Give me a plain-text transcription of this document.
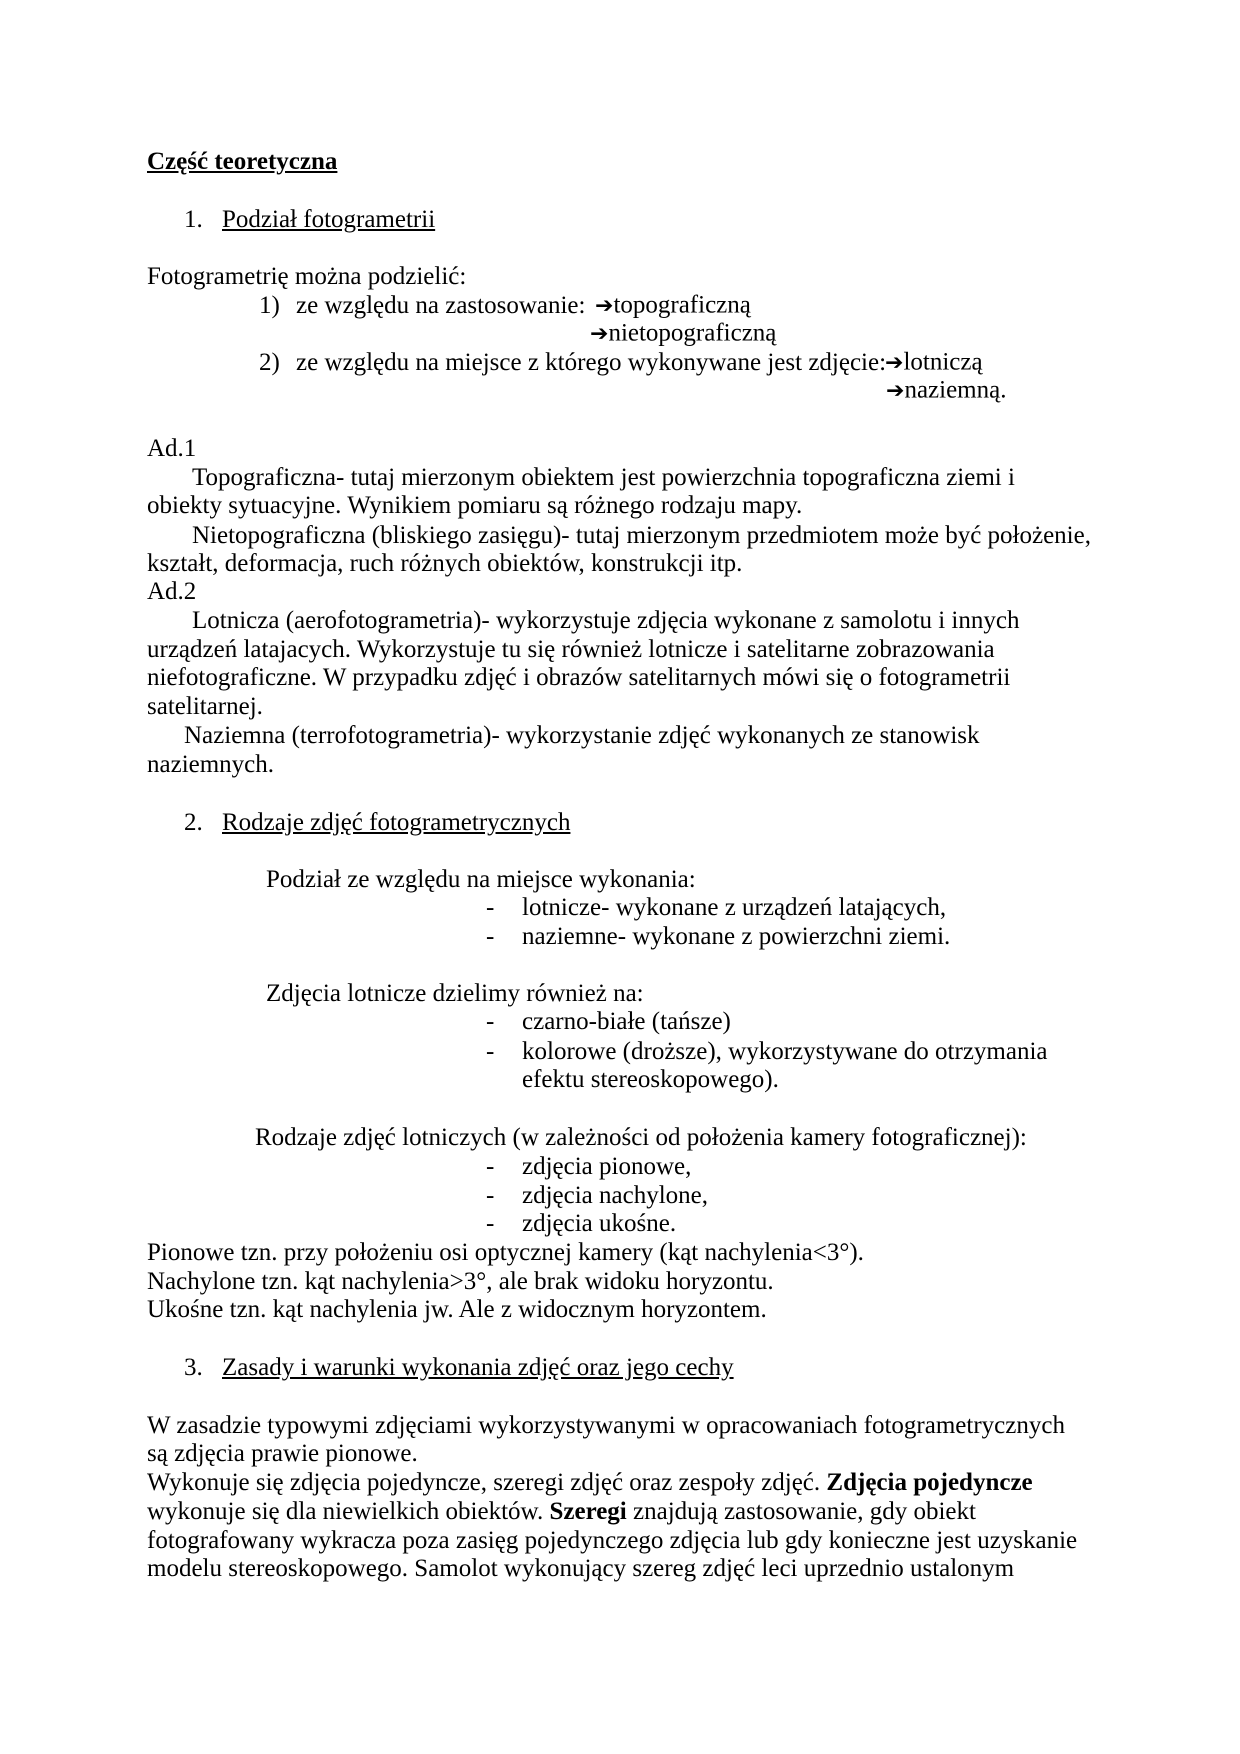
Część teoretyczna
1. Podział fotogrametrii
Fotogrametrię można podzielić:
1) ze względu na zastosowanie: ➔topograficzną
➔nietopograficzną
2) ze względu na miejsce z którego wykonywane jest zdjęcie:
➔lotniczą
➔naziemną.
Ad.1
Topograficzna- tutaj mierzonym obiektem jest powierzchnia topograficzna ziemi i
obiekty sytuacyjne. Wynikiem pomiaru są różnego rodzaju mapy.
Nietopograficzna (bliskiego zasięgu)- tutaj mierzonym przedmiotem może być położenie,
kształt, deformacja, ruch różnych obiektów, konstrukcji itp.
Ad.2
Lotnicza (aerofotogrametria)- wykorzystuje zdjęcia wykonane z samolotu i innych
urządzeń latajacych. Wykorzystuje tu się również lotnicze i satelitarne zobrazowania
niefotograficzne. W przypadku zdjęć i obrazów satelitarnych mówi się o fotogrametrii
satelitarnej.
Naziemna (terrofotogrametria)- wykorzystanie zdjęć wykonanych ze stanowisk
naziemnych.
2. Rodzaje zdjęć fotogrametrycznych
Podział ze względu na miejsce wykonania:
- lotnicze- wykonane z urządzeń latających,
- naziemne- wykonane z powierzchni ziemi.
Zdjęcia lotnicze dzielimy również na:
- czarno-białe (tańsze)
- kolorowe (droższe), wykorzystywane do otrzymania
efektu stereoskopowego).
Rodzaje zdjęć lotniczych (w zależności od położenia kamery fotograficznej):
- zdjęcia pionowe,
- zdjęcia nachylone,
- zdjęcia ukośne.
Pionowe tzn. przy położeniu osi optycznej kamery (kąt nachylenia<3°).
Nachylone tzn. kąt nachylenia>3°, ale brak widoku horyzontu.
Ukośne tzn. kąt nachylenia jw. Ale z widocznym horyzontem.
3. Zasady i warunki wykonania zdjęć oraz jego cechy
W zasadzie typowymi zdjęciami wykorzystywanymi w opracowaniach fotogrametrycznych
są zdjęcia prawie pionowe.
Wykonuje się zdjęcia pojedyncze, szeregi zdjęć oraz zespoły zdjęć. Zdjęcia pojedyncze
wykonuje się dla niewielkich obiektów. Szeregi znajdują zastosowanie, gdy obiekt
fotografowany wykracza poza zasięg pojedynczego zdjęcia lub gdy konieczne jest uzyskanie
modelu stereoskopowego. Samolot wykonujący szereg zdjęć leci uprzednio ustalonym
